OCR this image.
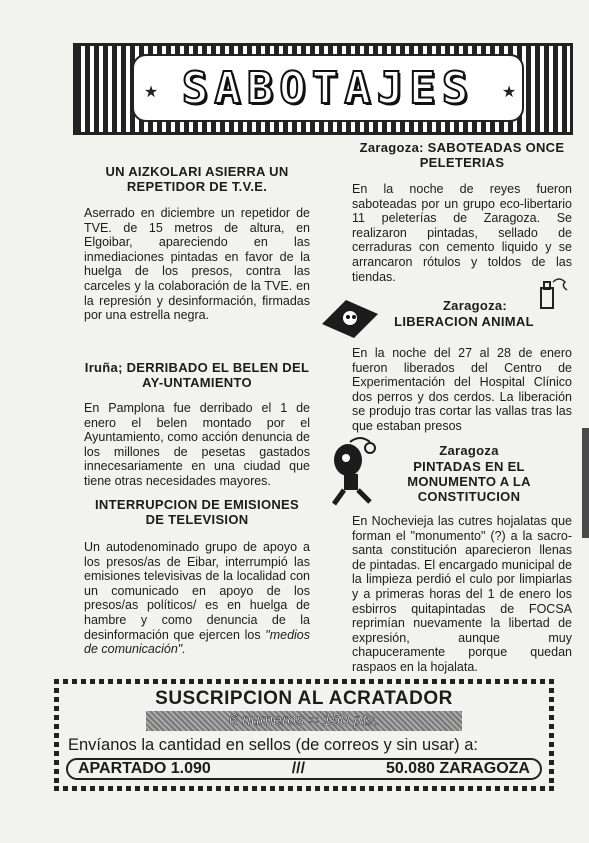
SABOTAJES
★	★
UN AIZKOLARI ASIERRA UN REPETIDOR DE T.V.E.
Aserrado en diciembre un repetidor de TVE. de 15 metros de altura, en Elgoibar, apareciendo en las inmediaciones pintadas en favor de la huelga de los presos, contra las carceles y la colaboración de la TVE. en la represión y desinformación, firmadas por una estrella negra.
Iruña; DERRIBADO EL BELEN DEL AY-UNTAMIENTO
En Pamplona fue derribado el 1 de enero el belen montado por el Ayuntamiento, como acción denuncia de los millones de pesetas gastados innecesariamente en una ciudad que tiene otras necesidades mayores.
INTERRUPCION DE EMISIONES DE TELEVISION
Un autodenominado grupo de apoyo a los presos/as de Eibar, interrumpió las emisiones televisivas de la localidad con un comunicado en apoyo de los presos/as políticos/ es en huelga de hambre y como denuncia de la desinformación que ejercen los "medios de comunicación".
Zaragoza: SABOTEADAS ONCE PELETERIAS
En la noche de reyes fueron saboteadas por un grupo eco-libertario 11 peleterías de Zaragoza. Se realizaron pintadas, sellado de cerraduras con cemento liquido y se arrancaron rótulos y toldos de las tiendas.
Zaragoza:
LIBERACION ANIMAL
En la noche del 27 al 28 de enero fueron liberados del Centro de Experimentación del Hospital Clínico dos perros y dos cerdos. La liberación se produjo tras cortar las vallas tras las que estaban presos
Zaragoza
PINTADAS EN EL MONUMENTO A LA CONSTITUCION
En Nochevieja las cutres hojalatas que forman el "monumento" (?) a la sacro-santa constitución aparecieron llenas de pintadas. El encargado municipal de la limpieza perdió el culo por limpiarlas y a primeras horas del 1 de enero los esbirros quitapintadas de FOCSA reprimían nuevamente la libertad de expresión, aunque muy chapuceramente porque quedan raspaos en la hojalata.
SUSCRIPCION AL ACRATADOR
6 numeros = 150 pts.
Envíanos la cantidad en sellos (de correos y sin usar) a:
APARTADO 1.090	///	50.080 ZARAGOZA
